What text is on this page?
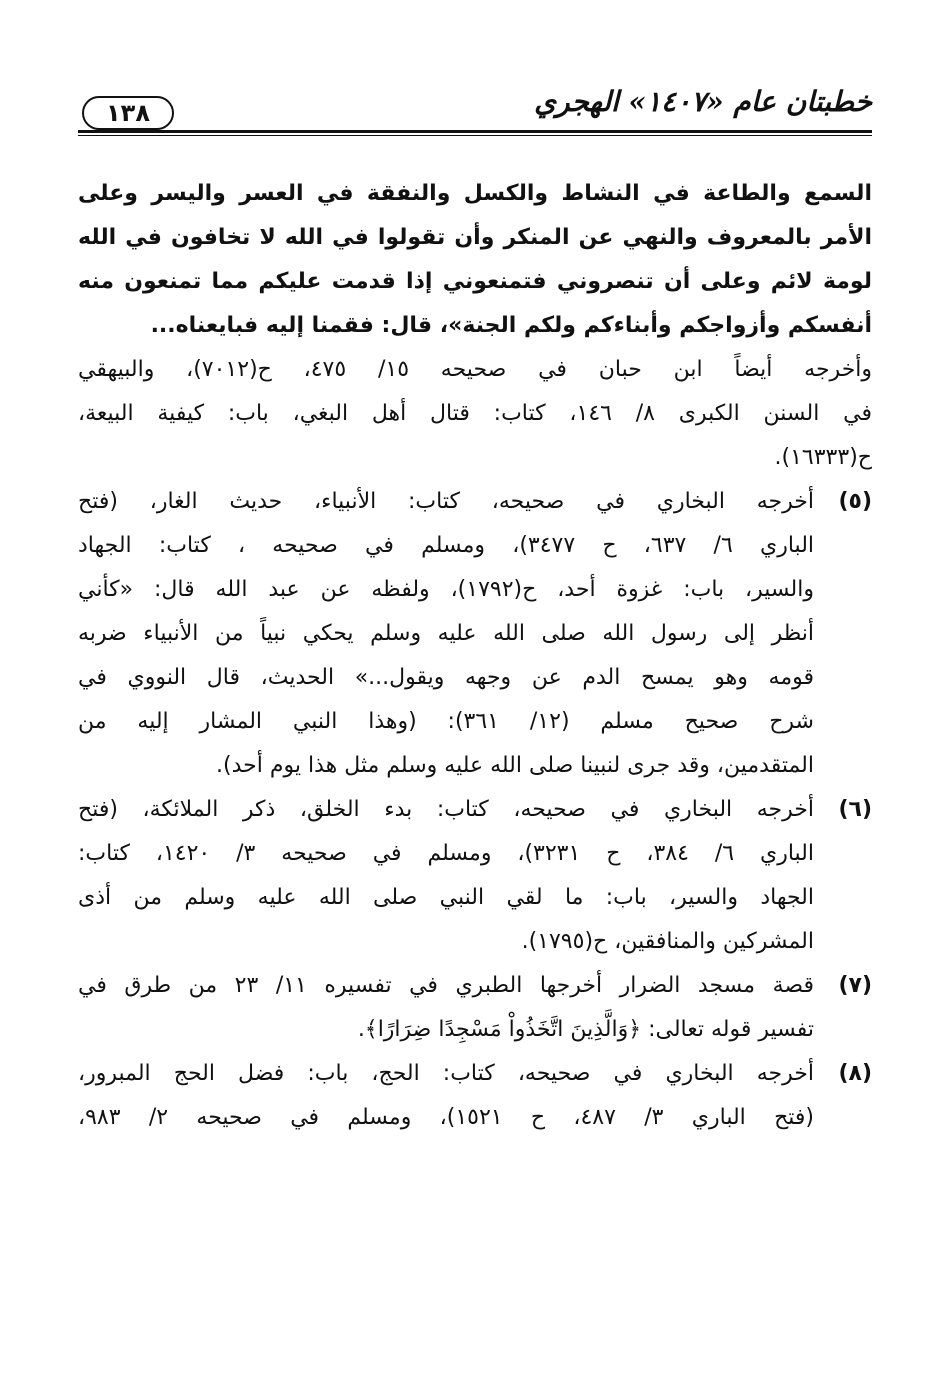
خطبتان عام «١٤٠٧» الهجري
١٣٨
السمع والطاعة في النشاط والكسل والنفقة في العسر واليسر وعلى
الأمر بالمعروف والنهي عن المنكر وأن تقولوا في الله لا تخافون في الله
لومة لائم وعلى أن تنصروني فتمنعوني إذا قدمت عليكم مما تمنعون منه
أنفسكم وأزواجكم وأبناءكم ولكم الجنة»، قال: فقمنا إليه فبايعناه...
وأخرجه أيضاً ابن حبان في صحيحه ١٥/ ٤٧٥، ح(٧٠١٢)، والبيهقي
في السنن الكبرى ٨/ ١٤٦، كتاب: قتال أهل البغي، باب: كيفية البيعة،
ح(١٦٣٣٣).
(٥)
أخرجه البخاري في صحيحه، كتاب: الأنبياء، حديث الغار، (فتح
الباري ٦/ ٦٣٧، ح ٣٤٧٧)، ومسلم في صحيحه ، كتاب: الجهاد
والسير، باب: غزوة أحد، ح(١٧٩٢)، ولفظه عن عبد الله قال: «كأني
أنظر إلى رسول الله صلى الله عليه وسلم يحكي نبياً من الأنبياء ضربه
قومه وهو يمسح الدم عن وجهه ويقول...» الحديث، قال النووي في
شرح صحيح مسلم (١٢/ ٣٦١): (وهذا النبي المشار إليه من
المتقدمين، وقد جرى لنبينا صلى الله عليه وسلم مثل هذا يوم أحد).
(٦)
أخرجه البخاري في صحيحه، كتاب: بدء الخلق، ذكر الملائكة، (فتح
الباري ٦/ ٣٨٤، ح ٣٢٣١)، ومسلم في صحيحه ٣/ ١٤٢٠، كتاب:
الجهاد والسير، باب: ما لقي النبي صلى الله عليه وسلم من أذى
المشركين والمنافقين، ح(١٧٩٥).
(٧)
قصة مسجد الضرار أخرجها الطبري في تفسيره ١١/ ٢٣ من طرق في
تفسير قوله تعالى: ﴿وَالَّذِينَ اتَّخَذُواْ مَسْجِدًا ضِرَارًا﴾.
(٨)
أخرجه البخاري في صحيحه، كتاب: الحج، باب: فضل الحج المبرور،
(فتح الباري ٣/ ٤٨٧، ح ١٥٢١)، ومسلم في صحيحه ٢/ ٩٨٣،
